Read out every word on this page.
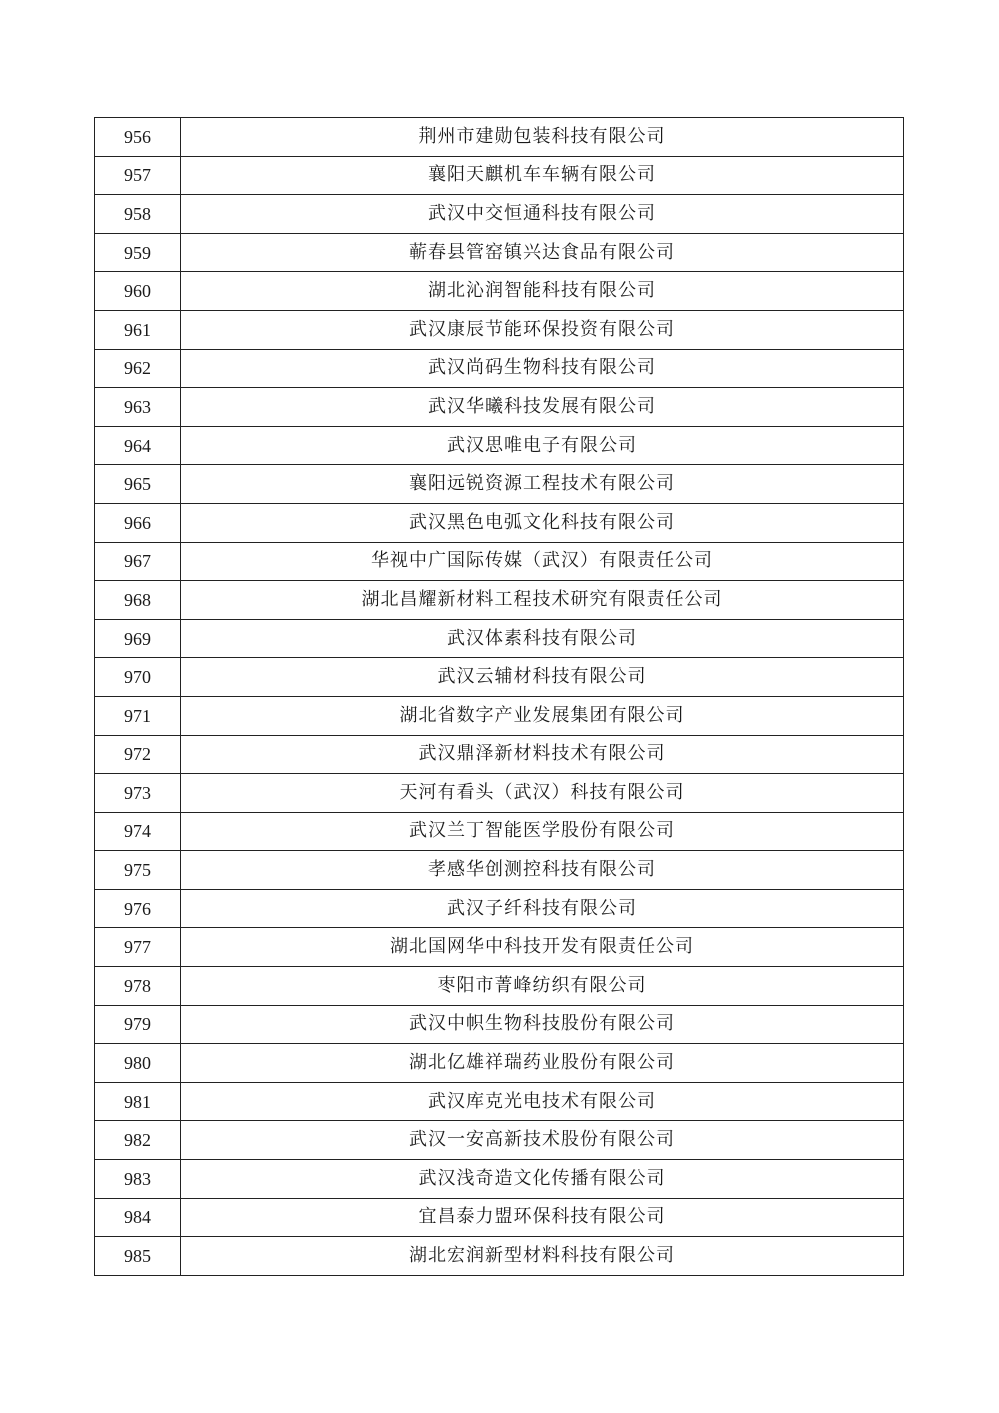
956	荆州市建勋包装科技有限公司
957	襄阳天麒机车车辆有限公司
958	武汉中交恒通科技有限公司
959	蕲春县管窑镇兴达食品有限公司
960	湖北沁润智能科技有限公司
961	武汉康辰节能环保投资有限公司
962	武汉尚码生物科技有限公司
963	武汉华曦科技发展有限公司
964	武汉思唯电子有限公司
965	襄阳远锐资源工程技术有限公司
966	武汉黑色电弧文化科技有限公司
967	华视中广国际传媒（武汉）有限责任公司
968	湖北昌耀新材料工程技术研究有限责任公司
969	武汉体素科技有限公司
970	武汉云辅材科技有限公司
971	湖北省数字产业发展集团有限公司
972	武汉鼎泽新材料技术有限公司
973	天河有看头（武汉）科技有限公司
974	武汉兰丁智能医学股份有限公司
975	孝感华创测控科技有限公司
976	武汉子纤科技有限公司
977	湖北国网华中科技开发有限责任公司
978	枣阳市菁峰纺织有限公司
979	武汉中帜生物科技股份有限公司
980	湖北亿雄祥瑞药业股份有限公司
981	武汉库克光电技术有限公司
982	武汉一安高新技术股份有限公司
983	武汉浅奇造文化传播有限公司
984	宜昌泰力盟环保科技有限公司
985	湖北宏润新型材料科技有限公司
